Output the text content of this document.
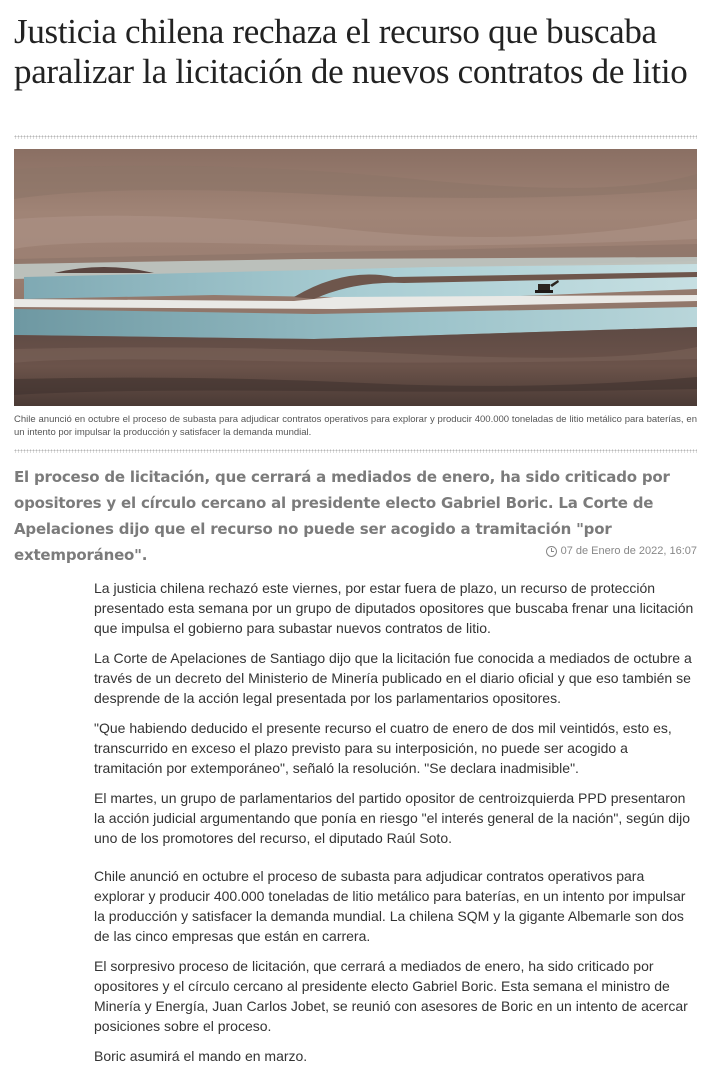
Justicia chilena rechaza el recurso que buscaba paralizar la licitación de nuevos contratos de litio

Chile anunció en octubre el proceso de subasta para adjudicar contratos operativos para explorar y producir 400.000 toneladas de litio metálico para baterías, en un intento por impulsar la producción y satisfacer la demanda mundial.

El proceso de licitación, que cerrará a mediados de enero, ha sido criticado por opositores y el círculo cercano al presidente electo Gabriel Boric. La Corte de Apelaciones dijo que el recurso no puede ser acogido a tramitación "por extemporáneo".	07 de Enero de 2022, 16:07

La justicia chilena rechazó este viernes, por estar fuera de plazo, un recurso de protección presentado esta semana por un grupo de diputados opositores que buscaba frenar una licitación que impulsa el gobierno para subastar nuevos contratos de litio.

La Corte de Apelaciones de Santiago dijo que la licitación fue conocida a mediados de octubre a través de un decreto del Ministerio de Minería publicado en el diario oficial y que eso también se desprende de la acción legal presentada por los parlamentarios opositores.

"Que habiendo deducido el presente recurso el cuatro de enero de dos mil veintidós, esto es, transcurrido en exceso el plazo previsto para su interposición, no puede ser acogido a tramitación por extemporáneo", señaló la resolución. "Se declara inadmisible".

El martes, un grupo de parlamentarios del partido opositor de centroizquierda PPD presentaron la acción judicial argumentando que ponía en riesgo "el interés general de la nación", según dijo uno de los promotores del recurso, el diputado Raúl Soto.

Chile anunció en octubre el proceso de subasta para adjudicar contratos operativos para explorar y producir 400.000 toneladas de litio metálico para baterías, en un intento por impulsar la producción y satisfacer la demanda mundial. La chilena SQM y la gigante Albemarle son dos de las cinco empresas que están en carrera.

El sorpresivo proceso de licitación, que cerrará a mediados de enero, ha sido criticado por opositores y el círculo cercano al presidente electo Gabriel Boric. Esta semana el ministro de Minería y Energía, Juan Carlos Jobet, se reunió con asesores de Boric en un intento de acercar posiciones sobre el proceso.

Boric asumirá el mando en marzo.
